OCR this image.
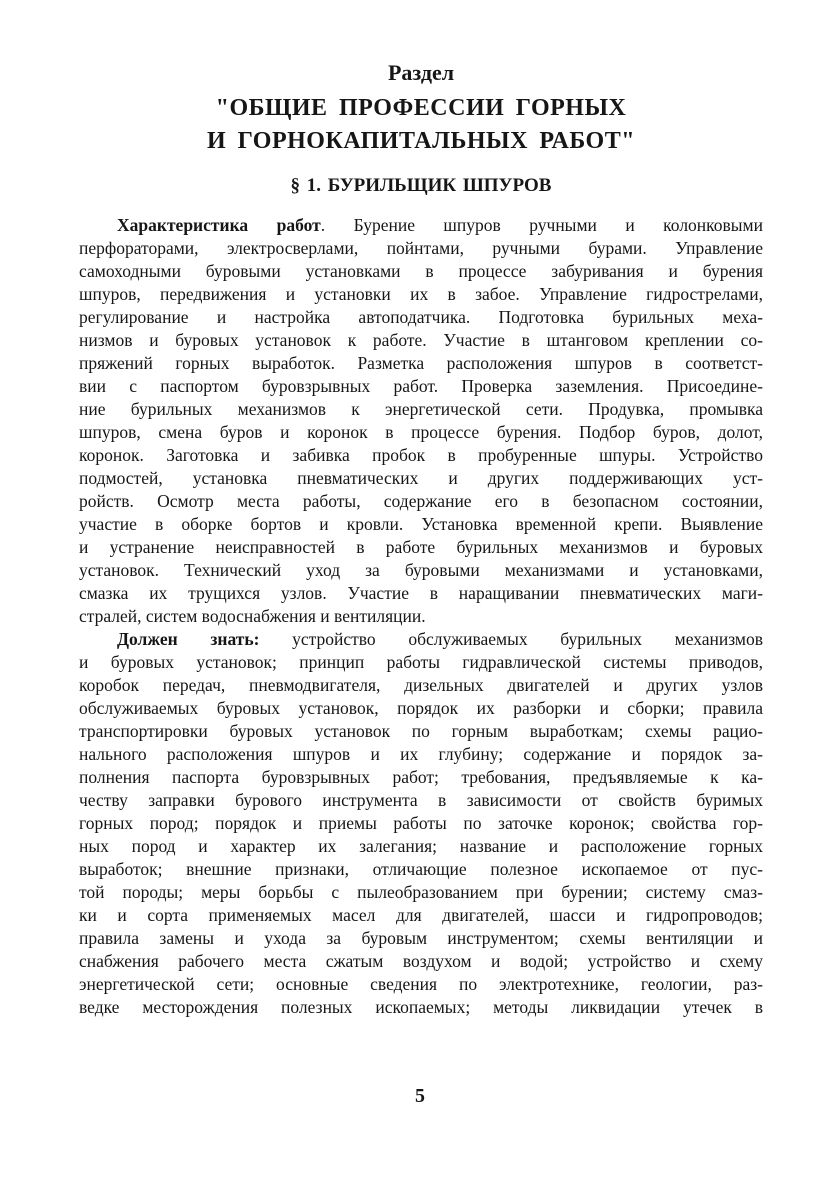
Раздел
"ОБЩИЕ ПРОФЕССИИ ГОРНЫХ
И ГОРНОКАПИТАЛЬНЫХ РАБОТ"
§ 1. БУРИЛЬЩИК ШПУРОВ
Характеристика работ. Бурение шпуров ручными и колонковыми
перфораторами, электросверлами, пойнтами, ручными бурами. Управление
самоходными буровыми установками в процессе забуривания и бурения
шпуров, передвижения и установки их в забое. Управление гидрострелами,
регулирование и настройка автоподатчика. Подготовка бурильных меха-
низмов и буровых установок к работе. Участие в штанговом креплении со-
пряжений горных выработок. Разметка расположения шпуров в соответст-
вии с паспортом буровзрывных работ. Проверка заземления. Присоедине-
ние бурильных механизмов к энергетической сети. Продувка, промывка
шпуров, смена буров и коронок в процессе бурения. Подбор буров, долот,
коронок. Заготовка и забивка пробок в пробуренные шпуры. Устройство
подмостей, установка пневматических и других поддерживающих уст-
ройств. Осмотр места работы, содержание его в безопасном состоянии,
участие в оборке бортов и кровли. Установка временной крепи. Выявление
и устранение неисправностей в работе бурильных механизмов и буровых
установок. Технический уход за буровыми механизмами и установками,
смазка их трущихся узлов. Участие в наращивании пневматических маги-
стралей, систем водоснабжения и вентиляции.
Должен знать: устройство обслуживаемых бурильных механизмов
и буровых установок; принцип работы гидравлической системы приводов,
коробок передач, пневмодвигателя, дизельных двигателей и других узлов
обслуживаемых буровых установок, порядок их разборки и сборки; правила
транспортировки буровых установок по горным выработкам; схемы рацио-
нального расположения шпуров и их глубину; содержание и порядок за-
полнения паспорта буровзрывных работ; требования, предъявляемые к ка-
честву заправки бурового инструмента в зависимости от свойств буримых
горных пород; порядок и приемы работы по заточке коронок; свойства гор-
ных пород и характер их залегания; название и расположение горных
выработок; внешние признаки, отличающие полезное ископаемое от пус-
той породы; меры борьбы с пылеобразованием при бурении; систему смаз-
ки и сорта применяемых масел для двигателей, шасси и гидропроводов;
правила замены и ухода за буровым инструментом; схемы вентиляции и
снабжения рабочего места сжатым воздухом и водой; устройство и схему
энергетической сети; основные сведения по электротехнике, геологии, раз-
ведке месторождения полезных ископаемых; методы ликвидации утечек в
5
